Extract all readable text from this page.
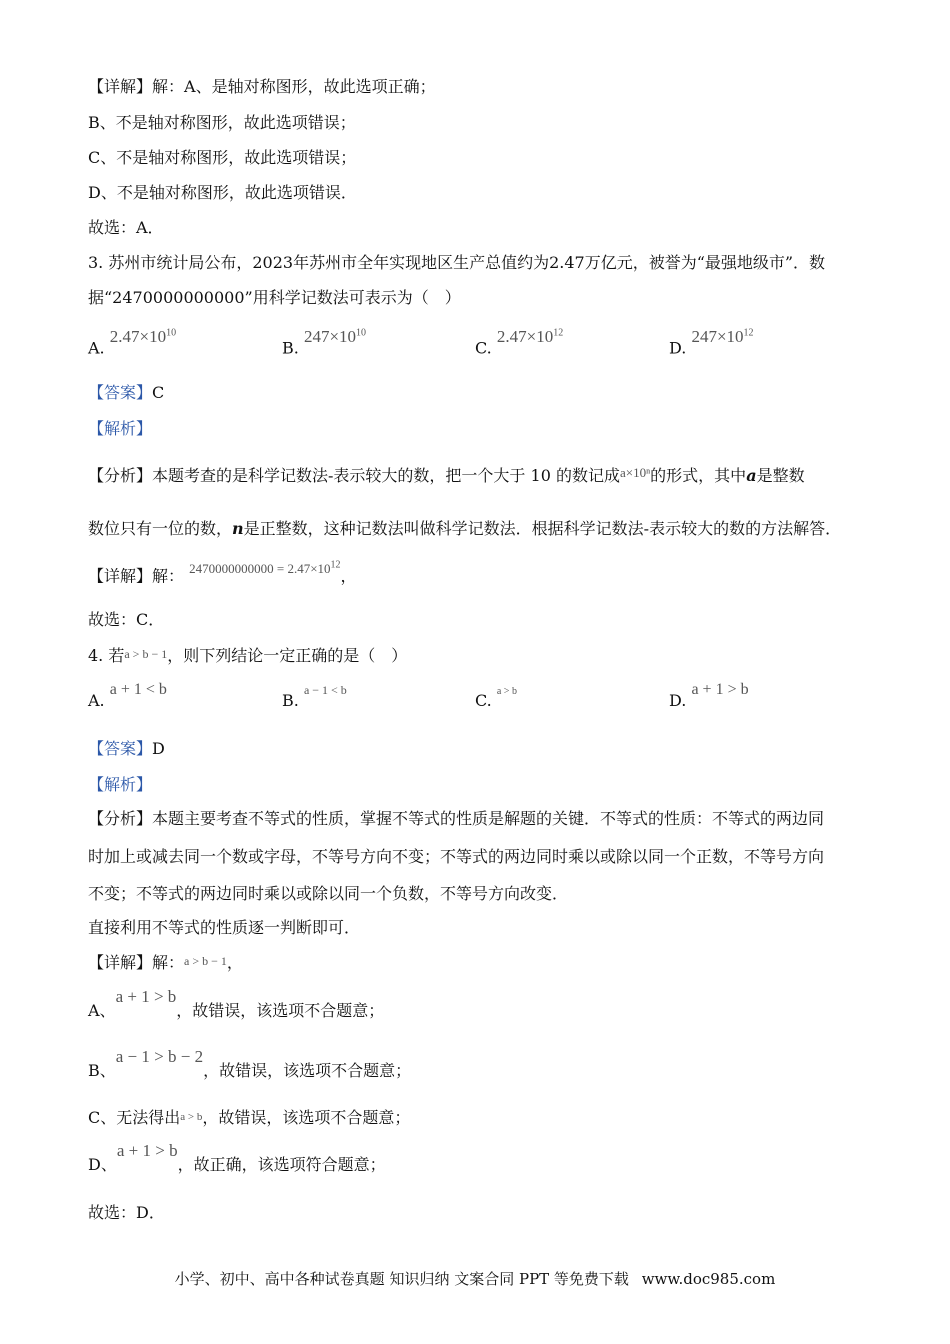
【详解】解：A、是轴对称图形，故此选项正确；
B、不是轴对称图形，故此选项错误；
C、不是轴对称图形，故此选项错误；
D、不是轴对称图形，故此选项错误．
故选：A．
3. 苏州市统计局公布，2023年苏州市全年实现地区生产总值约为2.47万亿元，被誉为“最强地级市”．数
据“2470000000000”用科学记数法可表示为（　）
A. $2.47\times 10^{10}$
B. $247\times 10^{10}$
C. $2.47\times 10^{12}$
D. $247\times 10^{12}$
【答案】C
【解析】
【分析】本题考查的是科学记数法-表示较大的数，把一个大于 10 的数记成$^{a\times 10^n}$的形式，其中a是整数
数位只有一位的数，n是正整数，这种记数法叫做科学记数法．根据科学记数法-表示较大的数的方法解答．
【详解】解： $^{2470000000000 = 2.47\times 10^{12}}$，
故选：C．
4. 若a > b − 1，则下列结论一定正确的是（　）
A. a + 1 < b
B. $^{a - 1 < b}$
C. $^{a > b}$	D. a + 1 > b
【答案】D
【解析】
【分析】本题主要考查不等式的性质，掌握不等式的性质是解题的关键．不等式的性质：不等式的两边同
时加上或减去同一个数或字母，不等号方向不变；不等式的两边同时乘以或除以同一个正数，不等号方向
不变；不等式的两边同时乘以或除以同一个负数，不等号方向改变．
直接利用不等式的性质逐一判断即可．
【详解】解：a > b − 1，
A、a + 1 > b，故错误，该选项不合题意；
B、a − 1 > b − 2，故错误，该选项不合题意；
C、无法得出a > b，故错误，该选项不合题意；
D、a + 1 > b，故正确，该选项符合题意；
故选：D．
小学、初中、高中各种试卷真题 知识归纳 文案合同 PPT 等免费下载 www.doc985.com
